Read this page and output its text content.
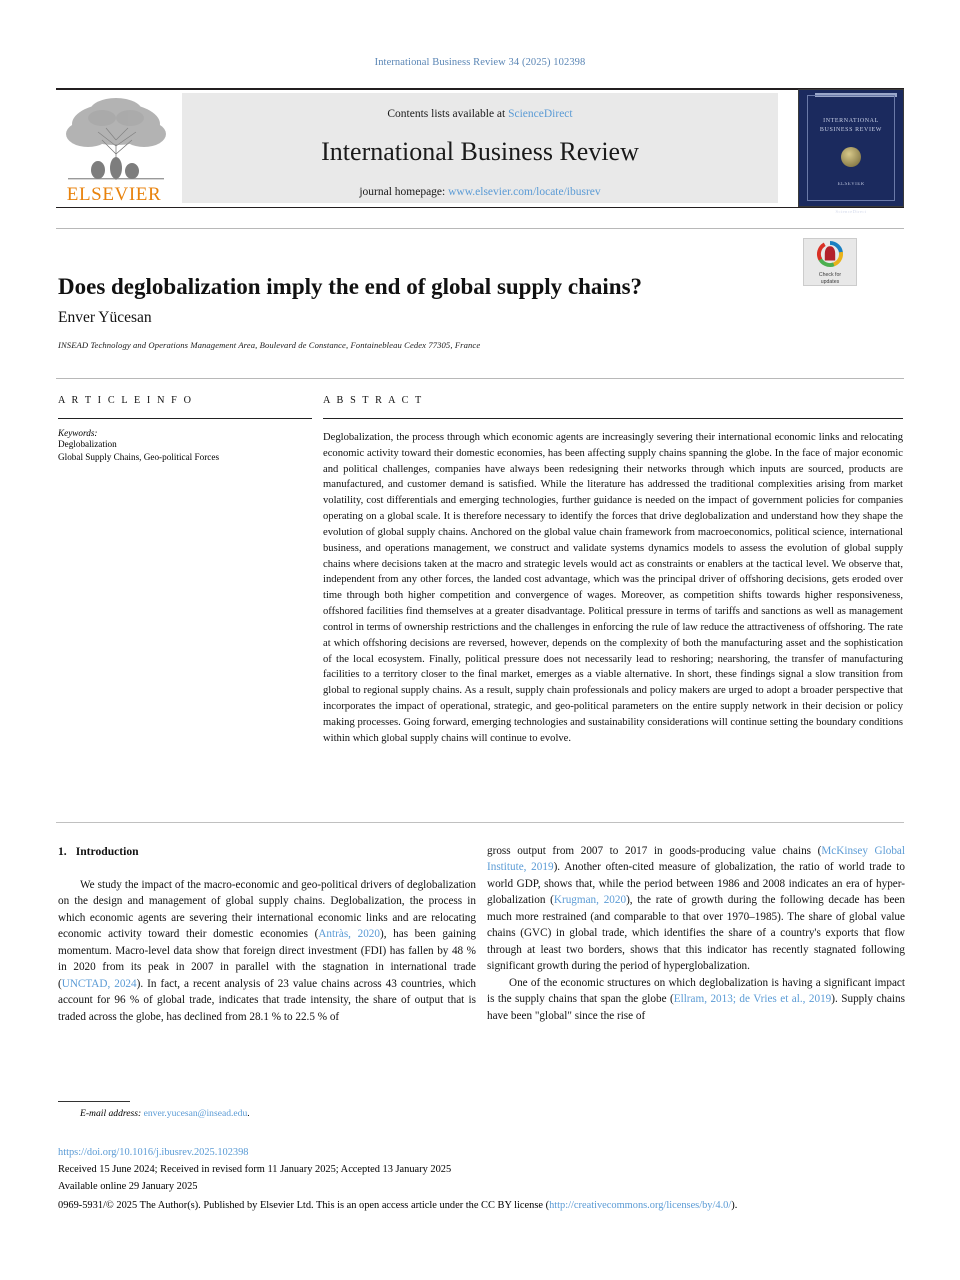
International Business Review 34 (2025) 102398
ELSEVIER
Contents lists available at ScienceDirect
International Business Review
journal homepage: www.elsevier.com/locate/ibusrev
INTERNATIONAL BUSINESS REVIEW
ELSEVIER
ScienceDirect
Does deglobalization imply the end of global supply chains?	Check for
updates
Enver Yücesan
INSEAD Technology and Operations Management Area, Boulevard de Constance, Fontainebleau Cedex 77305, France
A R T I C L E I N F O
Keywords:
Deglobalization
Global Supply Chains, Geo-political Forces
A B S T R A C T
Deglobalization, the process through which economic agents are increasingly severing their international economic links and relocating economic activity toward their domestic economies, has been affecting supply chains spanning the globe. In the face of major economic and political challenges, companies have always been redesigning their networks through which inputs are sourced, products are manufactured, and customer demand is satisfied. While the literature has addressed the traditional complexities arising from market volatility, cost differentials and emerging technologies, further guidance is needed on the impact of government policies for companies operating on a global scale. It is therefore necessary to identify the forces that drive deglobalization and understand how they shape the evolution of global supply chains. Anchored on the global value chain framework from macroeconomics, political science, international business, and operations management, we construct and validate systems dynamics models to assess the evolution of global supply chains where decisions taken at the macro and strategic levels would act as constraints or enablers at the tactical level. We observe that, independent from any other forces, the landed cost advantage, which was the principal driver of offshoring decisions, gets eroded over time through both higher competition and convergence of wages. Moreover, as competition shifts towards higher responsiveness, offshored facilities find themselves at a greater disadvantage. Political pressure in terms of tariffs and sanctions as well as management control in terms of ownership restrictions and the challenges in enforcing the rule of law reduce the attractiveness of offshoring. The rate at which offshoring decisions are reversed, however, depends on the complexity of both the manufacturing asset and the sophistication of the local ecosystem. Finally, political pressure does not necessarily lead to reshoring; nearshoring, the transfer of manufacturing facilities to a territory closer to the final market, emerges as a viable alternative. In short, these findings signal a slow transition from global to regional supply chains. As a result, supply chain professionals and policy makers are urged to adopt a broader perspective that incorporates the impact of operational, strategic, and geo-political parameters on the entire supply network in their decision or policy making processes. Going forward, emerging technologies and sustainability considerations will continue setting the boundary conditions within which global supply chains will continue to evolve.
1. Introduction

We study the impact of the macro-economic and geo-political drivers of deglobalization on the design and management of global supply chains. Deglobalization, the process in which economic agents are severing their international economic links and are relocating economic activity toward their domestic economies (Antràs, 2020), has been gaining momentum. Macro-level data show that foreign direct investment (FDI) has fallen by 48 % in 2020 from its peak in 2007 in parallel with the stagnation in international trade (UNCTAD, 2024). In fact, a recent analysis of 23 value chains across 43 countries, which account for 96 % of global trade, indicates that trade intensity, the share of output that is traded across the globe, has declined from 28.1 % to 22.5 % of

gross output from 2007 to 2017 in goods-producing value chains (McKinsey Global Institute, 2019). Another often-cited measure of globalization, the ratio of world trade to world GDP, shows that, while the period between 1986 and 2008 indicates an era of hyper-globalization (Krugman, 2020), the rate of growth during the following decade has been much more restrained (and comparable to that over 1970–1985). The share of global value chains (GVC) in global trade, which identifies the share of a country's exports that flow through at least two borders, shows that this indicator has recently stagnated following significant growth during the period of hyperglobalization.

One of the economic structures on which deglobalization is having a significant impact is the supply chains that span the globe (Ellram, 2013; de Vries et al., 2019). Supply chains have been "global" since the rise of

E-mail address: enver.yucesan@insead.edu.
https://doi.org/10.1016/j.ibusrev.2025.102398
Received 15 June 2024; Received in revised form 11 January 2025; Accepted 13 January 2025
Available online 29 January 2025
0969-5931/© 2025 The Author(s). Published by Elsevier Ltd. This is an open access article under the CC BY license (http://creativecommons.org/licenses/by/4.0/).
